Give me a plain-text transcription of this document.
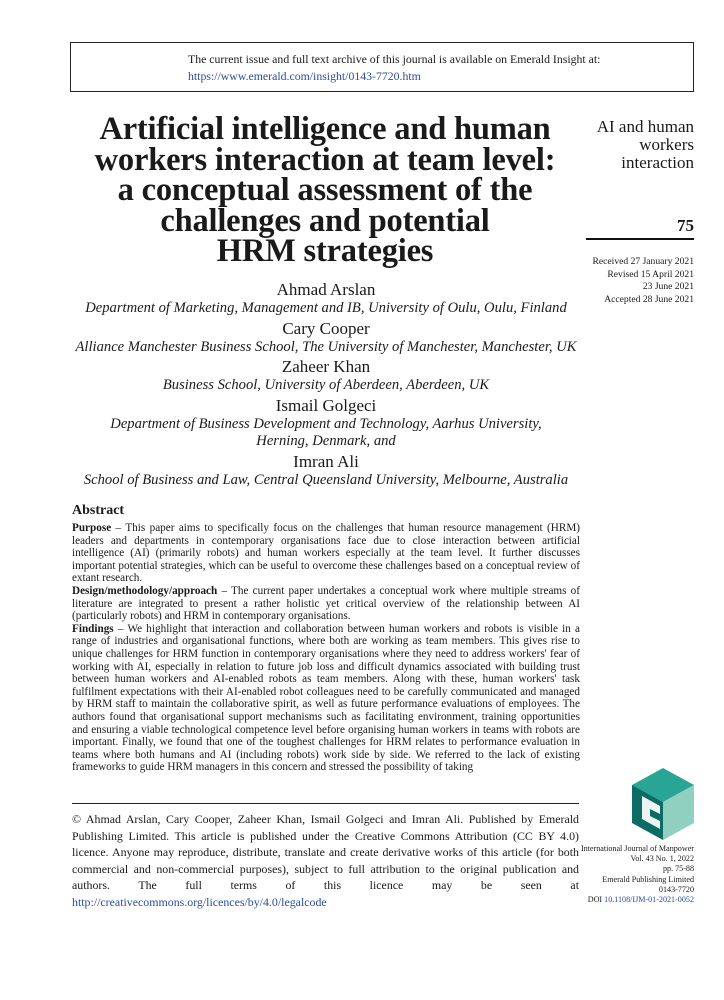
The current issue and full text archive of this journal is available on Emerald Insight at:
https://www.emerald.com/insight/0143-7720.htm
Artificial intelligence and human
workers interaction at team level:
a conceptual assessment of the
challenges and potential
HRM strategies
AI and human
workers
interaction
75
Received 27 January 2021
Revised 15 April 2021
23 June 2021
Accepted 28 June 2021
Ahmad Arslan
Department of Marketing, Management and IB, University of Oulu, Oulu, Finland
Cary Cooper
Alliance Manchester Business School, The University of Manchester, Manchester, UK
Zaheer Khan
Business School, University of Aberdeen, Aberdeen, UK
Ismail Golgeci
Department of Business Development and Technology, Aarhus University,
Herning, Denmark, and
Imran Ali
School of Business and Law, Central Queensland University, Melbourne, Australia
Abstract

Purpose – This paper aims to specifically focus on the challenges that human resource management (HRM) leaders and departments in contemporary organisations face due to close interaction between artificial intelligence (AI) (primarily robots) and human workers especially at the team level. It further discusses important potential strategies, which can be useful to overcome these challenges based on a conceptual review of extant research.

Design/methodology/approach – The current paper undertakes a conceptual work where multiple streams of literature are integrated to present a rather holistic yet critical overview of the relationship between AI (particularly robots) and HRM in contemporary organisations.

Findings – We highlight that interaction and collaboration between human workers and robots is visible in a range of industries and organisational functions, where both are working as team members. This gives rise to unique challenges for HRM function in contemporary organisations where they need to address workers' fear of working with AI, especially in relation to future job loss and difficult dynamics associated with building trust between human workers and AI-enabled robots as team members. Along with these, human workers' task fulfilment expectations with their AI-enabled robot colleagues need to be carefully communicated and managed by HRM staff to maintain the collaborative spirit, as well as future performance evaluations of employees. The authors found that organisational support mechanisms such as facilitating environment, training opportunities and ensuring a viable technological competence level before organising human workers in teams with robots are important. Finally, we found that one of the toughest challenges for HRM relates to performance evaluation in teams where both humans and AI (including robots) work side by side. We referred to the lack of existing frameworks to guide HRM managers in this concern and stressed the possibility of taking

© Ahmad Arslan, Cary Cooper, Zaheer Khan, Ismail Golgeci and Imran Ali. Published by Emerald Publishing Limited. This article is published under the Creative Commons Attribution (CC BY 4.0) licence. Anyone may reproduce, distribute, translate and create derivative works of this article (for both commercial and non-commercial purposes), subject to full attribution to the original publication and authors. The full terms of this licence may be seen at http://creativecommons.org/licences/by/4.0/legalcode
International Journal of Manpower
Vol. 43 No. 1, 2022
pp. 75-88
Emerald Publishing Limited
0143-7720
DOI 10.1108/IJM-01-2021-0052
